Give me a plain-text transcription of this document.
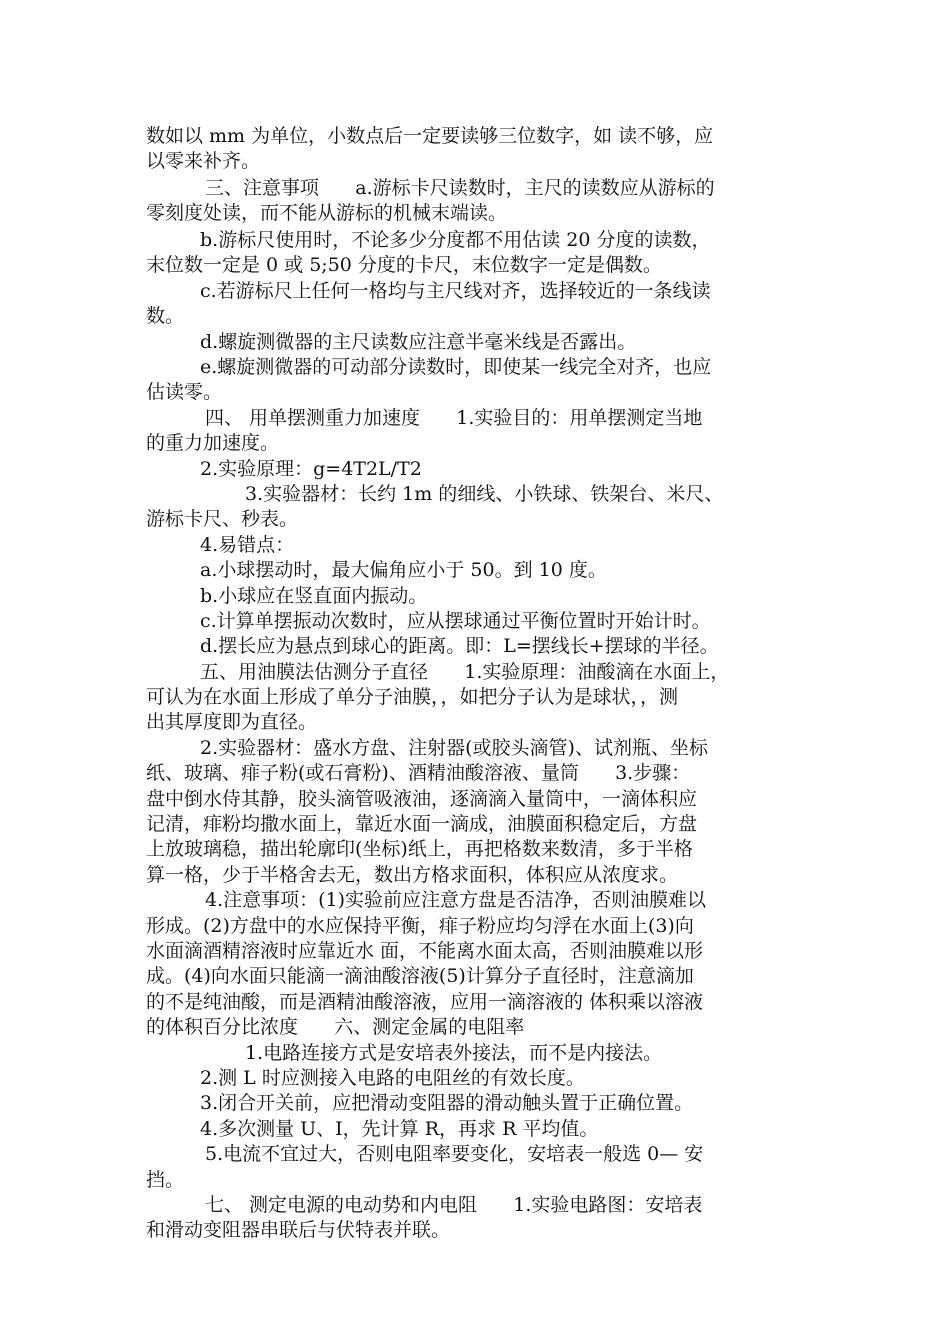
数如以 mm 为单位，小数点后一定要读够三位数字，如 读不够，应
以零来补齐。
三、注意事项      a.游标卡尺读数时，主尺的读数应从游标的
零刻度处读，而不能从游标的机械末端读。
b.游标尺使用时，不论多少分度都不用估读 20 分度的读数，
末位数一定是 0 或 5;50 分度的卡尺，末位数字一定是偶数。
c.若游标尺上任何一格均与主尺线对齐，选择较近的一条线读
数。
d.螺旋测微器的主尺读数应注意半毫米线是否露出。
e.螺旋测微器的可动部分读数时，即使某一线完全对齐，也应
估读零。
四、 用单摆测重力加速度      1.实验目的：用单摆测定当地
的重力加速度。
2.实验原理：g=4T2L/T2
3.实验器材：长约 1m 的细线、小铁球、铁架台、米尺、
游标卡尺、秒表。
4.易错点：
a.小球摆动时，最大偏角应小于 50。到 10 度。
b.小球应在竖直面内振动。
c.计算单摆振动次数时，应从摆球通过平衡位置时开始计时。
d.摆长应为悬点到球心的距离。即：L=摆线长+摆球的半径。
五、用油膜法估测分子直径      1.实验原理：油酸滴在水面上，
可认为在水面上形成了单分子油膜，，如把分子认为是球状，，测
出其厚度即为直径。
2.实验器材：盛水方盘、注射器(或胶头滴管)、试剂瓶、坐标
纸、玻璃、痱子粉(或石膏粉)、酒精油酸溶液、量筒      3.步骤：
盘中倒水侍其静，胶头滴管吸液油，逐滴滴入量筒中，一滴体积应
记清，痱粉均撒水面上，靠近水面一滴成，油膜面积稳定后，方盘
上放玻璃稳，描出轮廓印(坐标)纸上，再把格数来数清，多于半格
算一格，少于半格舍去无，数出方格求面积，体积应从浓度求。
4.注意事项：(1)实验前应注意方盘是否洁净，否则油膜难以
形成。(2)方盘中的水应保持平衡，痱子粉应均匀浮在水面上(3)向
水面滴酒精溶液时应靠近水 面，不能离水面太高，否则油膜难以形
成。(4)向水面只能滴一滴油酸溶液(5)计算分子直径时，注意滴加
的不是纯油酸，而是酒精油酸溶液，应用一滴溶液的 体积乘以溶液
的体积百分比浓度      六、测定金属的电阻率
1.电路连接方式是安培表外接法，而不是内接法。
2.测 L 时应测接入电路的电阻丝的有效长度。
3.闭合开关前，应把滑动变阻器的滑动触头置于正确位置。
4.多次测量 U、I，先计算 R，再求 R 平均值。
5.电流不宜过大，否则电阻率要变化，安培表一般选 0— 安
挡。
七、 测定电源的电动势和内电阻      1.实验电路图：安培表
和滑动变阻器串联后与伏特表并联。
